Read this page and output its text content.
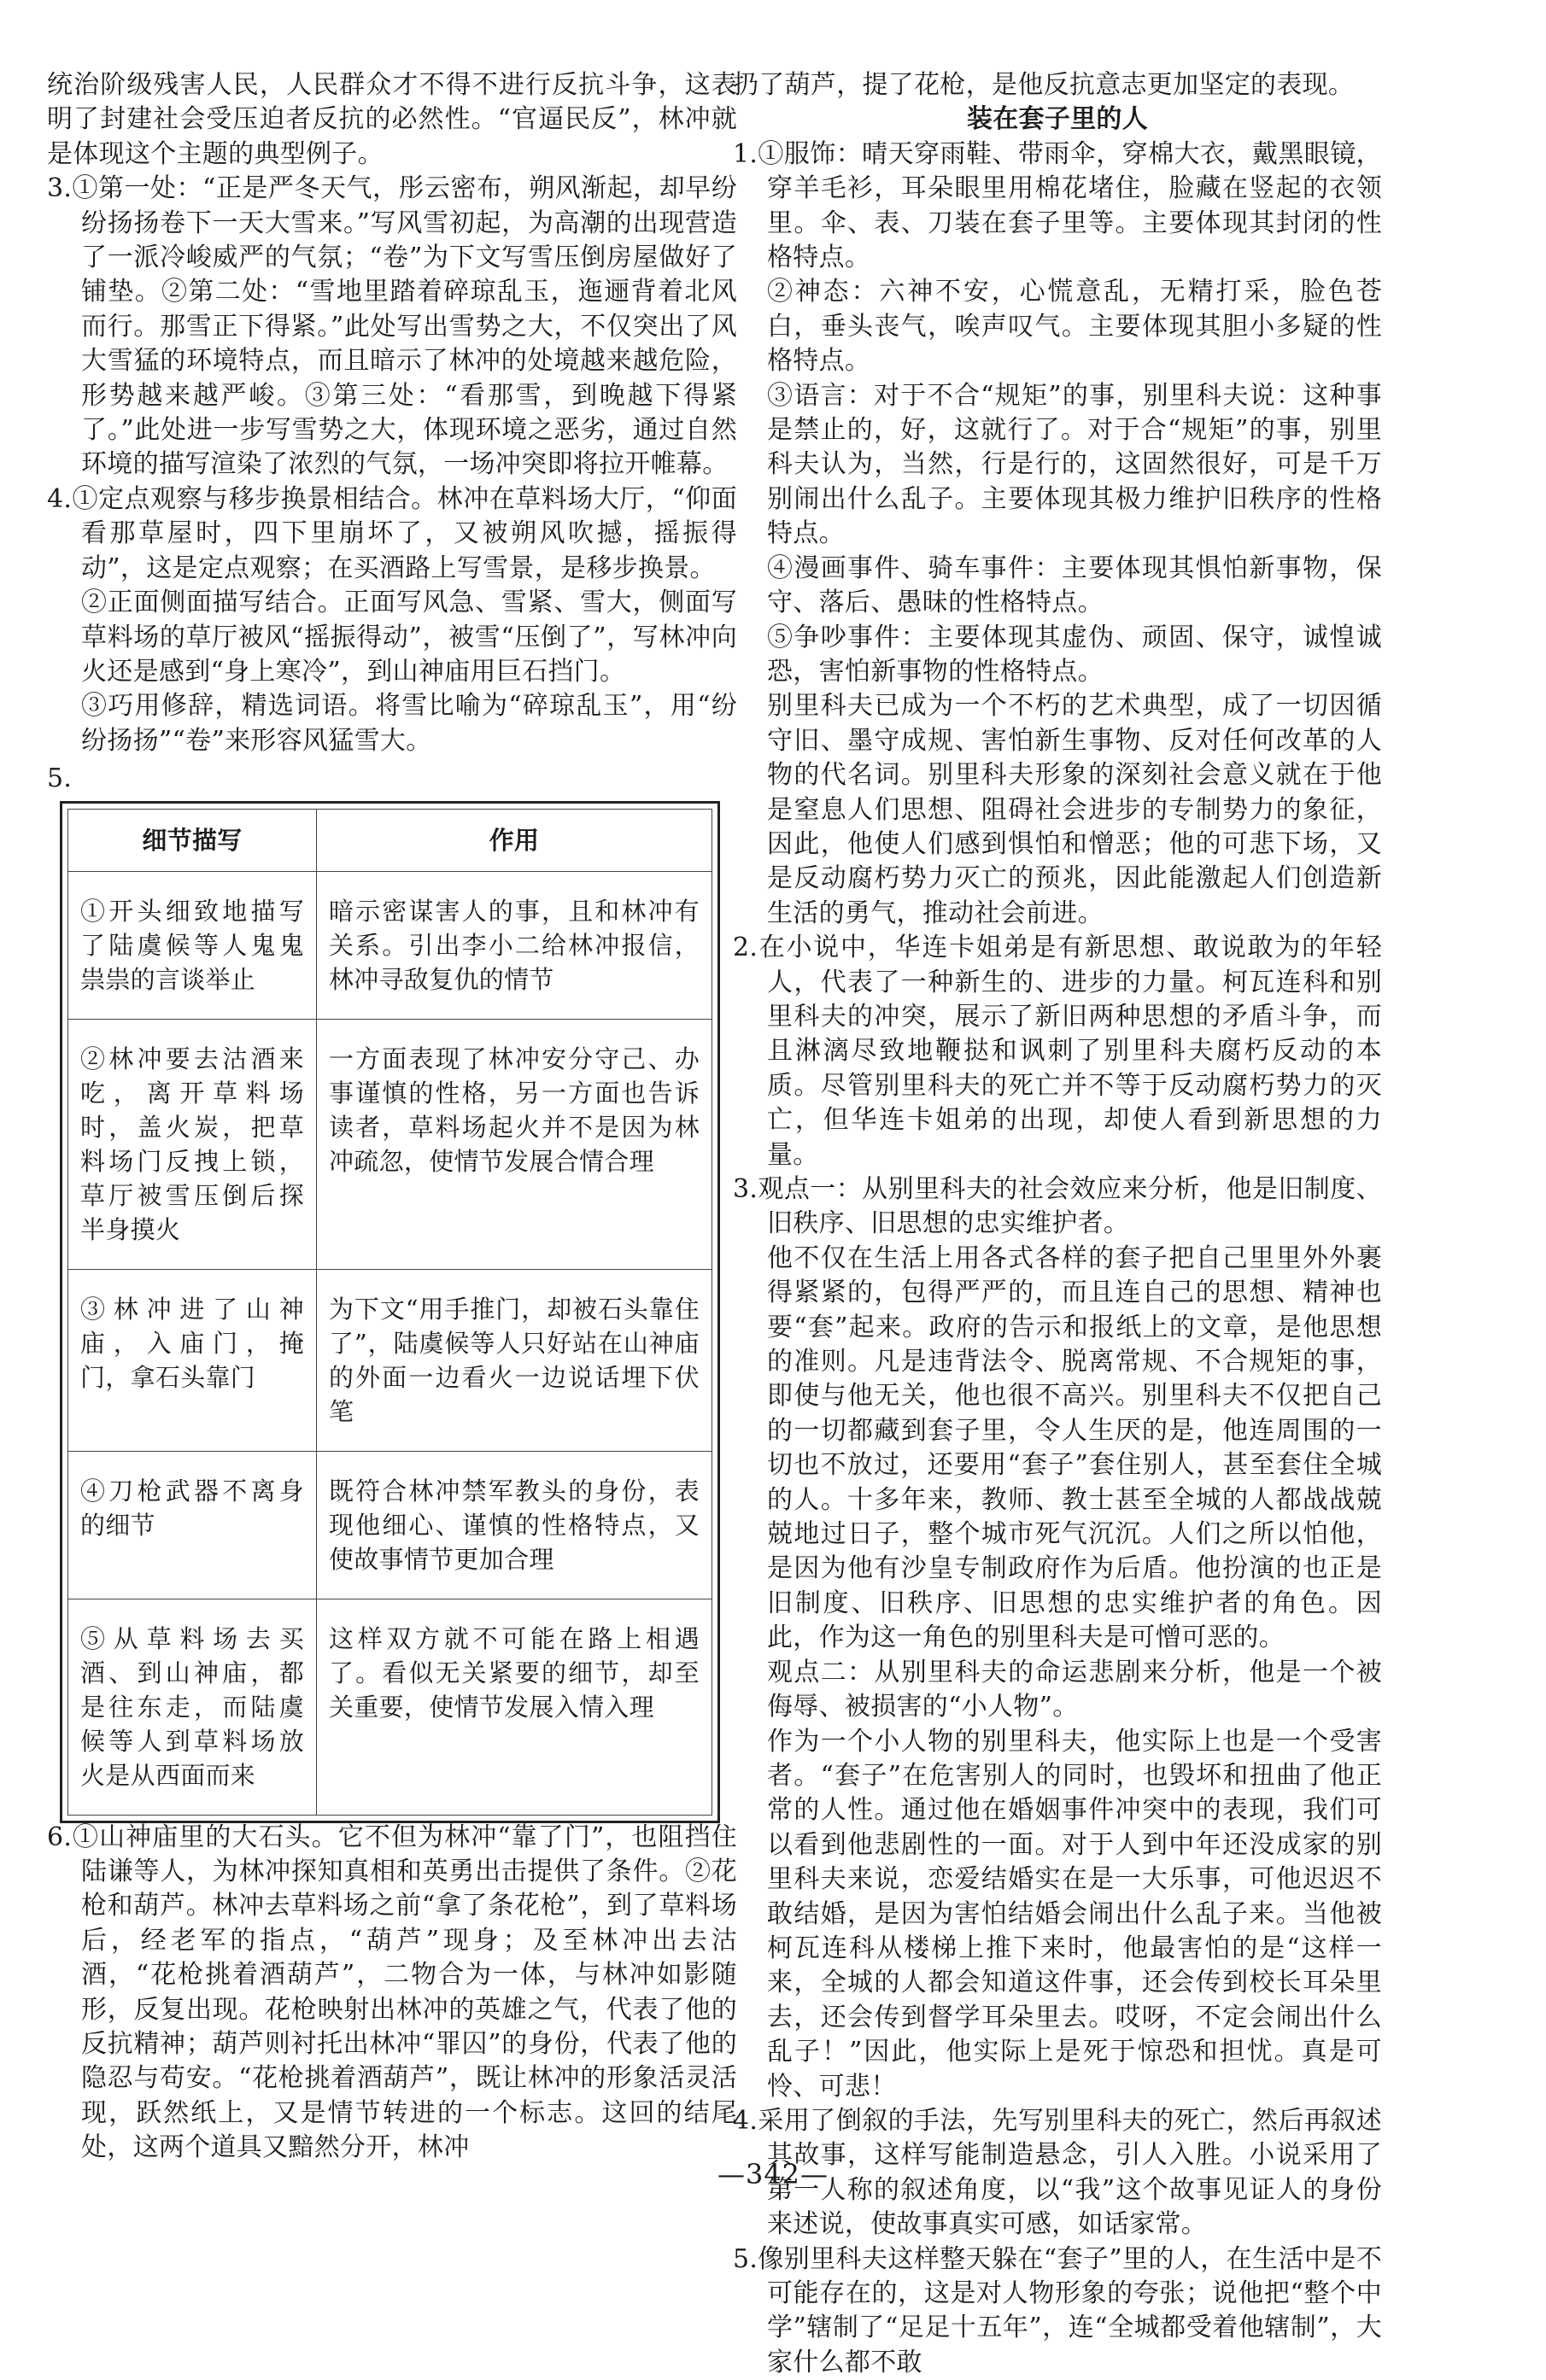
统治阶级残害人民，人民群众才不得不进行反抗斗争，这表明了封建社会受压迫者反抗的必然性。“官逼民反”，林冲就是体现这个主题的典型例子。

3.①第一处：“正是严冬天气，彤云密布，朔风渐起，却早纷纷扬扬卷下一天大雪来。”写风雪初起，为高潮的出现营造了一派冷峻威严的气氛；“卷”为下文写雪压倒房屋做好了铺垫。②第二处：“雪地里踏着碎琼乱玉，迤逦背着北风而行。那雪正下得紧。”此处写出雪势之大，不仅突出了风大雪猛的环境特点，而且暗示了林冲的处境越来越危险，形势越来越严峻。③第三处：“看那雪，到晚越下得紧了。”此处进一步写雪势之大，体现环境之恶劣，通过自然环境的描写渲染了浓烈的气氛，一场冲突即将拉开帷幕。

4.①定点观察与移步换景相结合。林冲在草料场大厅，“仰面看那草屋时，四下里崩坏了，又被朔风吹撼，摇振得动”，这是定点观察；在买酒路上写雪景，是移步换景。

②正面侧面描写结合。正面写风急、雪紧、雪大，侧面写草料场的草厅被风“摇振得动”，被雪“压倒了”，写林冲向火还是感到“身上寒冷”，到山神庙用巨石挡门。

③巧用修辞，精选词语。将雪比喻为“碎琼乱玉”，用“纷纷扬扬”“卷”来形容风猛雪大。

5.

细节描写	作用
①开头细致地描写了陆虞候等人鬼鬼祟祟的言谈举止	暗示密谋害人的事，且和林冲有关系。引出李小二给林冲报信，林冲寻敌复仇的情节
②林冲要去沽酒来吃，离开草料场时，盖火炭，把草料场门反拽上锁，草厅被雪压倒后探半身摸火	一方面表现了林冲安分守己、办事谨慎的性格，另一方面也告诉读者，草料场起火并不是因为林冲疏忽，使情节发展合情合理
③林冲进了山神庙，入庙门，掩门，拿石头靠门	为下文“用手推门，却被石头靠住了”，陆虞候等人只好站在山神庙的外面一边看火一边说话埋下伏笔
④刀枪武器不离身的细节	既符合林冲禁军教头的身份，表现他细心、谨慎的性格特点，又使故事情节更加合理
⑤从草料场去买酒、到山神庙，都是往东走，而陆虞候等人到草料场放火是从西面而来	这样双方就不可能在路上相遇了。看似无关紧要的细节，却至关重要，使情节发展入情入理

6.①山神庙里的大石头。它不但为林冲“靠了门”，也阻挡住陆谦等人，为林冲探知真相和英勇出击提供了条件。②花枪和葫芦。林冲去草料场之前“拿了条花枪”，到了草料场后，经老军的指点，“葫芦”现身；及至林冲出去沽酒，“花枪挑着酒葫芦”，二物合为一体，与林冲如影随形，反复出现。花枪映射出林冲的英雄之气，代表了他的反抗精神；葫芦则衬托出林冲“罪囚”的身份，代表了他的隐忍与苟安。“花枪挑着酒葫芦”，既让林冲的形象活灵活现，跃然纸上，又是情节转进的一个标志。这回的结尾处，这两个道具又黯然分开，林冲

扔了葫芦，提了花枪，是他反抗意志更加坚定的表现。

装在套子里的人

1.①服饰：晴天穿雨鞋、带雨伞，穿棉大衣，戴黑眼镜，穿羊毛衫，耳朵眼里用棉花堵住，脸藏在竖起的衣领里。伞、表、刀装在套子里等。主要体现其封闭的性格特点。

②神态：六神不安，心慌意乱，无精打采，脸色苍白，垂头丧气，唉声叹气。主要体现其胆小多疑的性格特点。

③语言：对于不合“规矩”的事，别里科夫说：这种事是禁止的，好，这就行了。对于合“规矩”的事，别里科夫认为，当然，行是行的，这固然很好，可是千万别闹出什么乱子。主要体现其极力维护旧秩序的性格特点。

④漫画事件、骑车事件：主要体现其惧怕新事物，保守、落后、愚昧的性格特点。

⑤争吵事件：主要体现其虚伪、顽固、保守，诚惶诚恐，害怕新事物的性格特点。

别里科夫已成为一个不朽的艺术典型，成了一切因循守旧、墨守成规、害怕新生事物、反对任何改革的人物的代名词。别里科夫形象的深刻社会意义就在于他是窒息人们思想、阻碍社会进步的专制势力的象征，因此，他使人们感到惧怕和憎恶；他的可悲下场，又是反动腐朽势力灭亡的预兆，因此能激起人们创造新生活的勇气，推动社会前进。

2.在小说中，华连卡姐弟是有新思想、敢说敢为的年轻人，代表了一种新生的、进步的力量。柯瓦连科和别里科夫的冲突，展示了新旧两种思想的矛盾斗争，而且淋漓尽致地鞭挞和讽刺了别里科夫腐朽反动的本质。尽管别里科夫的死亡并不等于反动腐朽势力的灭亡，但华连卡姐弟的出现，却使人看到新思想的力量。

3.观点一：从别里科夫的社会效应来分析，他是旧制度、旧秩序、旧思想的忠实维护者。

他不仅在生活上用各式各样的套子把自己里里外外裹得紧紧的，包得严严的，而且连自己的思想、精神也要“套”起来。政府的告示和报纸上的文章，是他思想的准则。凡是违背法令、脱离常规、不合规矩的事，即使与他无关，他也很不高兴。别里科夫不仅把自己的一切都藏到套子里，令人生厌的是，他连周围的一切也不放过，还要用“套子”套住别人，甚至套住全城的人。十多年来，教师、教士甚至全城的人都战战兢兢地过日子，整个城市死气沉沉。人们之所以怕他，是因为他有沙皇专制政府作为后盾。他扮演的也正是旧制度、旧秩序、旧思想的忠实维护者的角色。因此，作为这一角色的别里科夫是可憎可恶的。

观点二：从别里科夫的命运悲剧来分析，他是一个被侮辱、被损害的“小人物”。

作为一个小人物的别里科夫，他实际上也是一个受害者。“套子”在危害别人的同时，也毁坏和扭曲了他正常的人性。通过他在婚姻事件冲突中的表现，我们可以看到他悲剧性的一面。对于人到中年还没成家的别里科夫来说，恋爱结婚实在是一大乐事，可他迟迟不敢结婚，是因为害怕结婚会闹出什么乱子来。当他被柯瓦连科从楼梯上推下来时，他最害怕的是“这样一来，全城的人都会知道这件事，还会传到校长耳朵里去，还会传到督学耳朵里去。哎呀，不定会闹出什么乱子！”因此，他实际上是死于惊恐和担忧。真是可怜、可悲！

4.采用了倒叙的手法，先写别里科夫的死亡，然后再叙述其故事，这样写能制造悬念，引人入胜。小说采用了第一人称的叙述角度，以“我”这个故事见证人的身份来述说，使故事真实可感，如话家常。

5.像别里科夫这样整天躲在“套子”里的人，在生活中是不可能存在的，这是对人物形象的夸张；说他把“整个中学”辖制了“足足十五年”，连“全城都受着他辖制”，大家什么都不敢

—342—
